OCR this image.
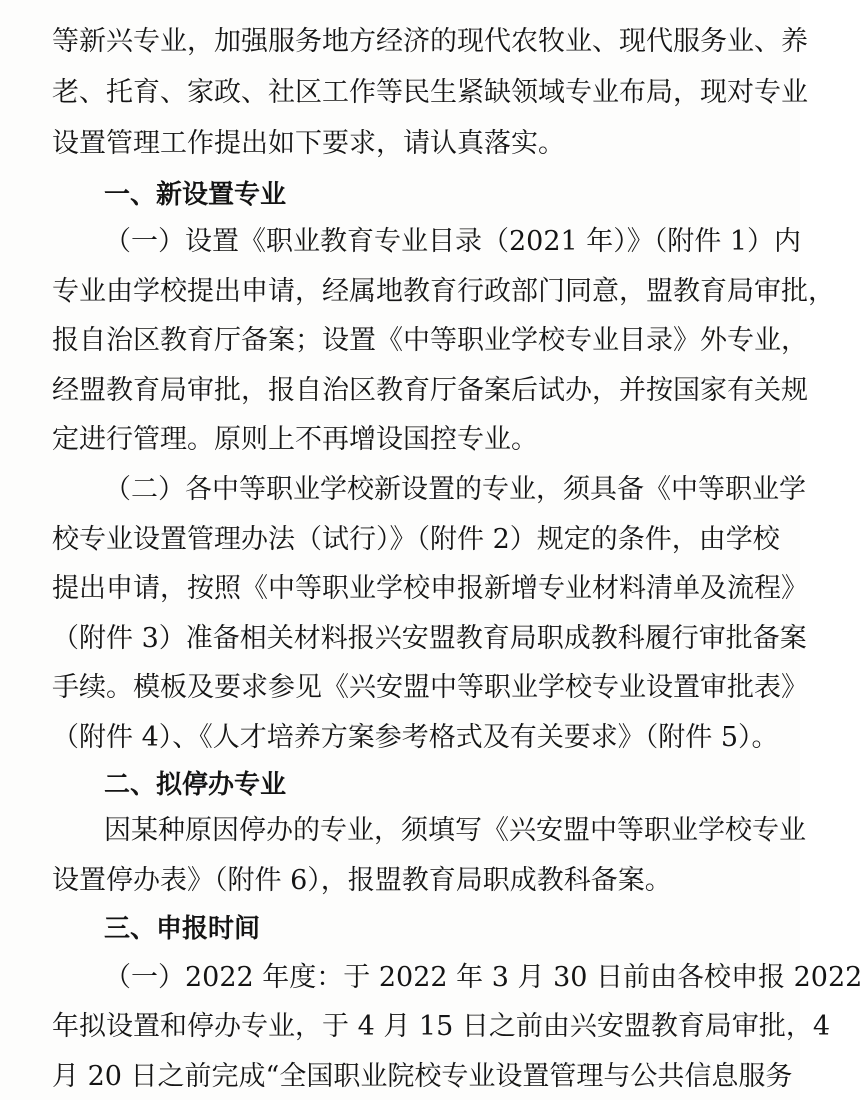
等新兴专业，加强服务地方经济的现代农牧业、现代服务业、养
老、托育、家政、社区工作等民生紧缺领域专业布局，现对专业
设置管理工作提出如下要求，请认真落实。
一、新设置专业
（一）设置《职业教育专业目录（2021 年）》（附件 1）内
专业由学校提出申请，经属地教育行政部门同意，盟教育局审批，
报自治区教育厅备案；设置《中等职业学校专业目录》外专业，
经盟教育局审批，报自治区教育厅备案后试办，并按国家有关规
定进行管理。原则上不再增设国控专业。
（二）各中等职业学校新设置的专业，须具备《中等职业学
校专业设置管理办法（试行）》（附件 2）规定的条件，由学校
提出申请，按照《中等职业学校申报新增专业材料清单及流程》
（附件 3）准备相关材料报兴安盟教育局职成教科履行审批备案
手续。模板及要求参见《兴安盟中等职业学校专业设置审批表》
（附件 4）、《人才培养方案参考格式及有关要求》（附件 5）。
二、拟停办专业
因某种原因停办的专业，须填写《兴安盟中等职业学校专业
设置停办表》（附件 6），报盟教育局职成教科备案。
三、申报时间
（一）2022 年度：于 2022 年 3 月 30 日前由各校申报 2022
年拟设置和停办专业，于 4 月 15 日之前由兴安盟教育局审批，4
月 20 日之前完成“全国职业院校专业设置管理与公共信息服务
